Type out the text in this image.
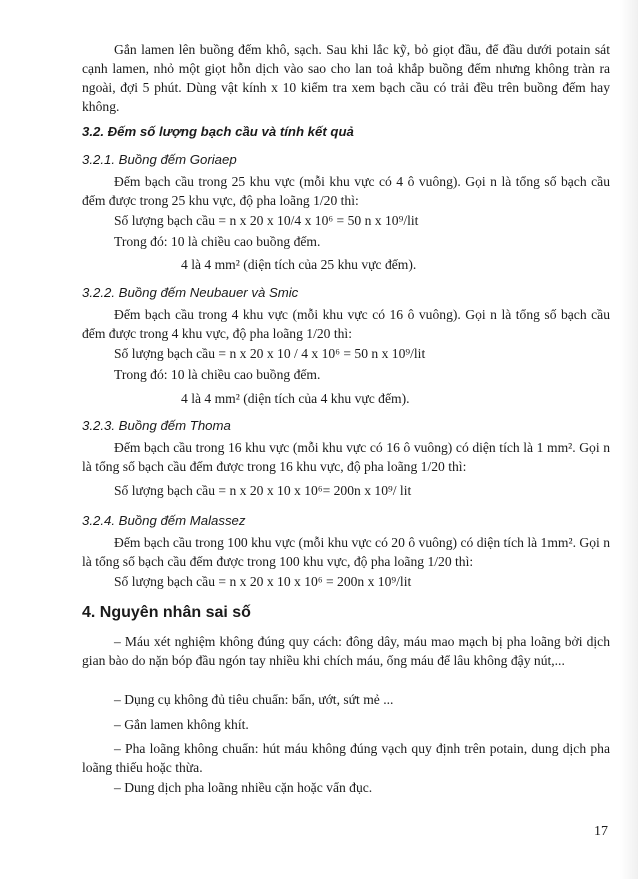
Gắn lamen lên buồng đếm khô, sạch. Sau khi lắc kỹ, bỏ giọt đầu, để đầu dưới potain sát cạnh lamen, nhỏ một giọt hỗn dịch vào sao cho lan toả khắp buồng đếm nhưng không tràn ra ngoài, đợi 5 phút. Dùng vật kính x 10 kiểm tra xem bạch cầu có trải đều trên buồng đếm hay không.
3.2. Đếm số lượng bạch cầu và tính kết quả
3.2.1. Buồng đếm Goriaep
Đếm bạch cầu trong 25 khu vực (mỗi khu vực có 4 ô vuông). Gọi n là tổng số bạch cầu đếm được trong 25 khu vực, độ pha loãng 1/20 thì:
Số lượng bạch cầu = n x 20 x 10/4 x 10⁶ = 50 n x 10⁹/lit
Trong đó: 10 là chiều cao buồng đếm.
4 là 4 mm² (diện tích của 25 khu vực đếm).
3.2.2. Buồng đếm Neubauer và Smic
Đếm bạch cầu trong 4 khu vực (mỗi khu vực có 16 ô vuông). Gọi n là tổng số bạch cầu đếm được trong 4 khu vực, độ pha loãng 1/20 thì:
Số lượng bạch cầu = n x 20 x 10 / 4 x 10⁶ = 50 n x 10⁹/lit
Trong đó: 10 là chiều cao buồng đếm.
4 là 4 mm² (diện tích của 4 khu vực đếm).
3.2.3. Buồng đếm Thoma
Đếm bạch cầu trong 16 khu vực (mỗi khu vực có 16 ô vuông) có diện tích là 1 mm². Gọi n là tổng số bạch cầu đếm được trong 16 khu vực, độ pha loãng 1/20 thì:
Số lượng bạch cầu = n x 20 x 10 x 10⁶= 200n x 10⁹/ lit
3.2.4. Buồng đếm Malassez
Đếm bạch cầu trong 100 khu vực (mỗi khu vực có 20 ô vuông) có diện tích là 1mm². Gọi n là tổng số bạch cầu đếm được trong 100 khu vực, độ pha loãng 1/20 thì:
Số lượng bạch cầu = n x 20 x 10 x 10⁶ = 200n x 10⁹/lit
4. Nguyên nhân sai số
– Máu xét nghiệm không đúng quy cách: đông dây, máu mao mạch bị pha loãng bởi dịch gian bào do nặn bóp đầu ngón tay nhiều khi chích máu, ống máu để lâu không đậy nút,...
– Dụng cụ không đủ tiêu chuẩn: bẩn, ướt, sứt mẻ ...
– Gắn lamen không khít.
– Pha loãng không chuẩn: hút máu không đúng vạch quy định trên potain, dung dịch pha loãng thiếu hoặc thừa.
– Dung dịch pha loãng nhiều cặn hoặc vẩn đục.
17
